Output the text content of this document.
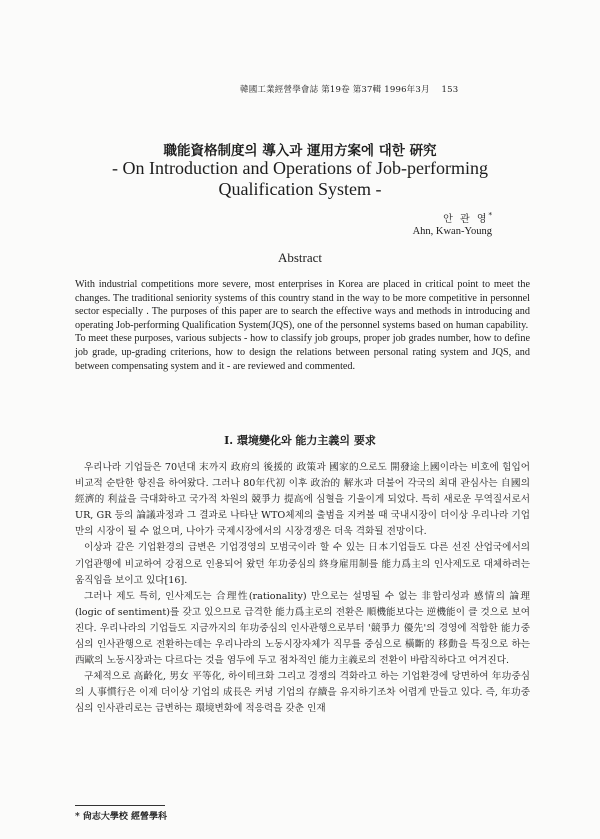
韓國工業經營學會誌 第19卷 第37輯 1996年3月 153
職能資格制度의 導入과 運用方案에 대한 硏究
- On Introduction and Operations of Job-performing
Qualification System -
안 관 영*
Ahn, Kwan-Young
Abstract

With industrial competitions more severe, most enterprises in Korea are placed in critical point to meet the changes. The traditional seniority systems of this country stand in the way to be more competitive in personnel sector especially . The purposes of this paper are to search the effective ways and methods in introducing and operating Job-performing Qualification System(JQS), one of the personnel systems based on human capability.

To meet these purposes, various subjects - how to classify job groups, proper job grades number, how to define job grade, up-grading criterions, how to design the relations between personal rating system and JQS, and between compensating system and it - are reviewed and commented.

Ⅰ. 環境變化와 能力主義의 要求

우리나라 기업들은 70년대 末까지 政府의 後援的 政策과 國家的으로도 開發途上國이라는 비호에 힘입어 비교적 순탄한 항진을 하여왔다. 그러나 80年代初 이후 政治的 解氷과 더불어 각국의 최대 관심사는 自國의 經濟的 利益을 극대화하고 국가적 차원의 競爭力 提高에 심혈을 기울이게 되었다. 특히 새로운 무역질서로서 UR, GR 등의 論議과정과 그 결과로 나타난 WTO체제의 출범을 지켜볼 때 국내시장이 더이상 우리나라 기업 만의 시장이 될 수 없으며, 나아가 국제시장에서의 시장경쟁은 더욱 격화될 전망이다.

이상과 같은 기업환경의 급변은 기업경영의 모범국이라 할 수 있는 日本기업들도 다른 선진 산업국에서의 기업관행에 비교하여 강점으로 인용되어 왔던 年功중심의 終身雇用制를 能力爲主의 인사제도로 대체하려는 움직임을 보이고 있다[16].

그러나 제도 특히, 인사제도는 合理性(rationality) 만으로는 설명될 수 없는 非합리성과 感情의 論理(logic of sentiment)를 갖고 있으므로 급격한 能力爲主로의 전환은 順機能보다는 逆機能이 클 것으로 보여진다. 우리나라의 기업들도 지금까지의 年功중심의 인사관행으로부터 '競爭力 優先'의 경영에 적합한 能力중심의 인사관행으로 전환하는데는 우리나라의 노동시장자체가 직무를 중심으로 橫斷的 移動을 특징으로 하는 西歐의 노동시장과는 다르다는 것을 염두에 두고 점차적인 能力主義로의 전환이 바람직하다고 여겨진다.

구체적으로 高齡化, 男女 平等化, 하이테크화 그리고 경쟁의 격화라고 하는 기업환경에 당면하여 年功중심의 人事慣行은 이제 더이상 기업의 成長은 커녕 기업의 存續을 유지하기조차 어렵게 만들고 있다. 즉, 年功중심의 인사관리로는 급변하는 環境변화에 적응력을 갖춘 인재

* 尙志大學校 經營學科
